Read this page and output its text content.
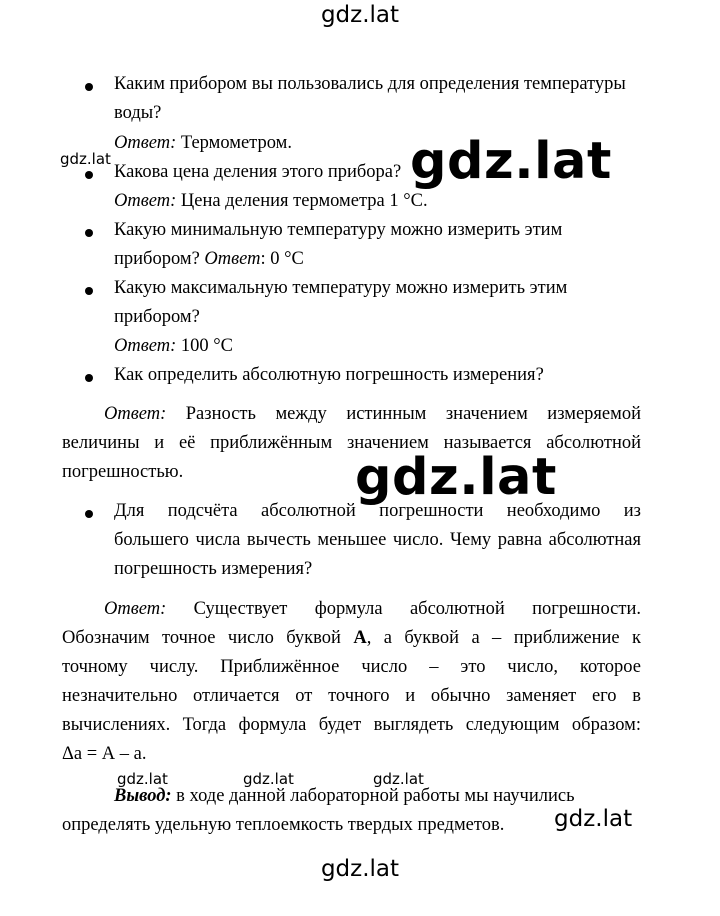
gdz.lat
gdz.lat	gdz.lat
gdz.lat
gdz.lat	gdz.lat	gdz.lat
gdz.lat
gdz.lat
Каким прибором вы пользовались для определения температуры
воды?
Ответ: Термометром.
Какова цена деления этого прибора?
Ответ: Цена деления термометра 1 °С.
Какую минимальную температуру можно измерить этим
прибором? Ответ: 0 °С
Какую максимальную температуру можно измерить этим
прибором?
Ответ: 100 °С
Как определить абсолютную погрешность измерения?
Ответ: Разность между истинным значением измеряемой
величины и её приближённым значением называется абсолютной
погрешностью.
Для подсчёта абсолютной погрешности необходимо из
большего числа вычесть меньшее число. Чему равна абсолютная
погрешность измерения?
Ответ: Существует формула абсолютной погрешности.
Обозначим точное число буквой А, а буквой а – приближение к
точному числу. Приближённое число – это число, которое
незначительно отличается от точного и обычно заменяет его в
вычислениях. Тогда формула будет выглядеть следующим образом:
Δа = А – а.
Вывод: в ходе данной лабораторной работы мы научились
определять удельную теплоемкость твердых предметов.
